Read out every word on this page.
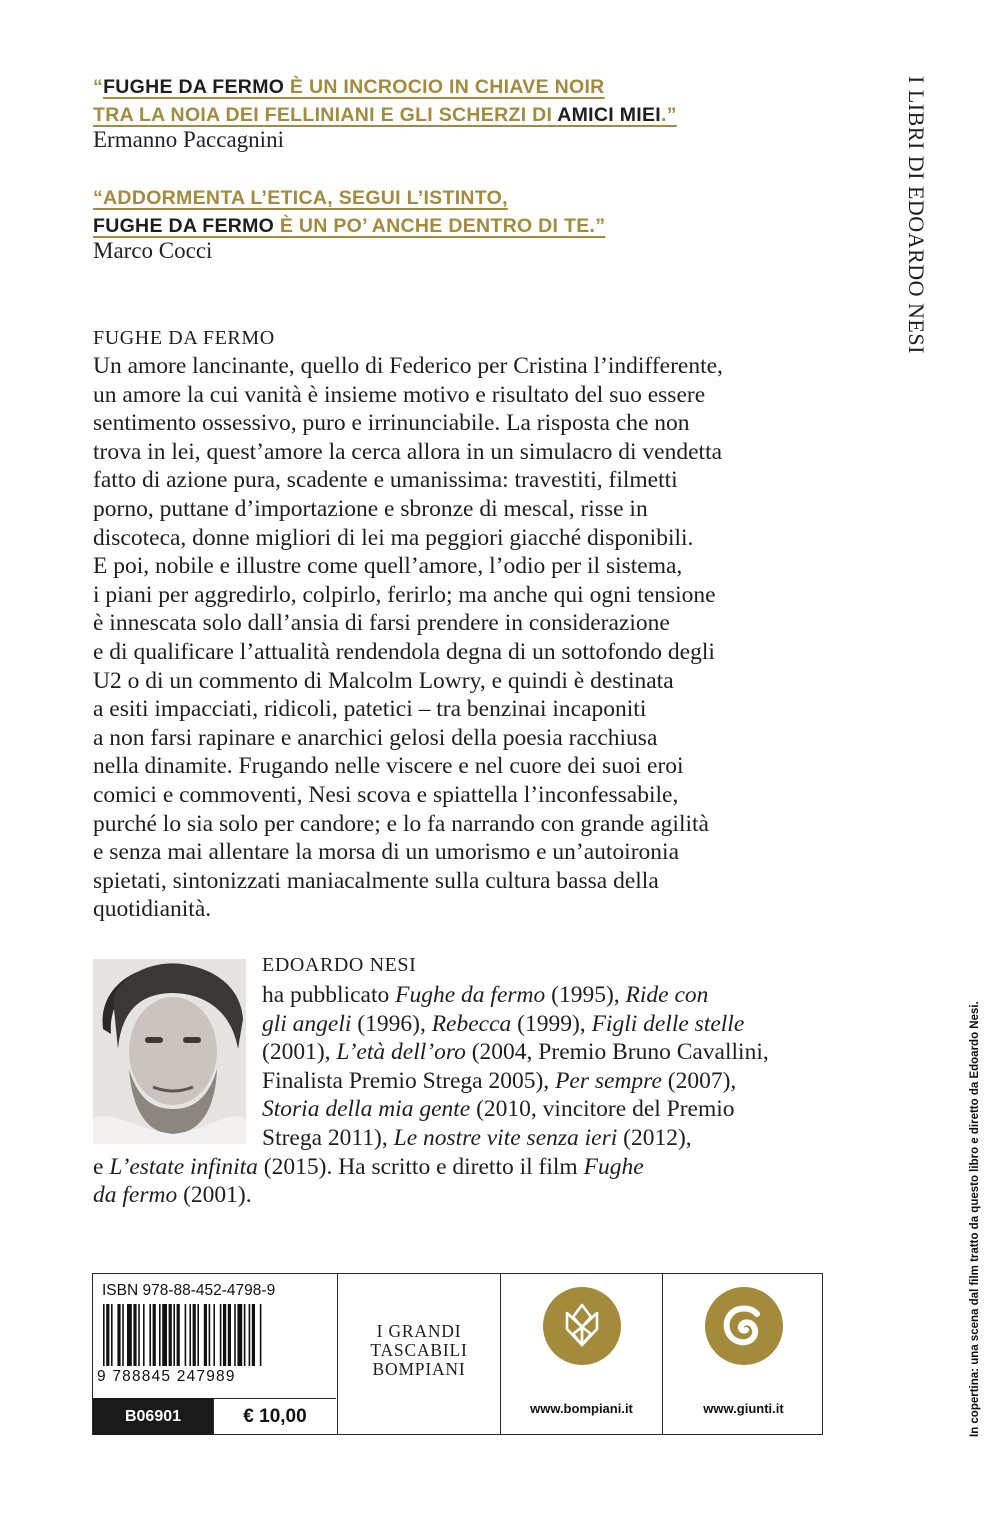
“FUGHE DA FERMO È UN INCROCIO IN CHIAVE NOIR
TRA LA NOIA DEI FELLINIANI E GLI SCHERZI DI AMICI MIEI.”
Ermanno Paccagnini
“ADDORMENTA L’ETICA, SEGUI L’ISTINTO,
FUGHE DA FERMO È UN PO’ ANCHE DENTRO DI TE.”
Marco Cocci	I LIBRI DI EDOARDO NESI
FUGHE DA FERMO
Un amore lancinante, quello di Federico per Cristina l’indifferente,
un amore la cui vanità è insieme motivo e risultato del suo essere
sentimento ossessivo, puro e irrinunciabile. La risposta che non
trova in lei, quest’amore la cerca allora in un simulacro di vendetta
fatto di azione pura, scadente e umanissima: travestiti, filmetti
porno, puttane d’importazione e sbronze di mescal, risse in
discoteca, donne migliori di lei ma peggiori giacché disponibili.
E poi, nobile e illustre come quell’amore, l’odio per il sistema,
i piani per aggredirlo, colpirlo, ferirlo; ma anche qui ogni tensione
è innescata solo dall’ansia di farsi prendere in considerazione
e di qualificare l’attualità rendendola degna di un sottofondo degli
U2 o di un commento di Malcolm Lowry, e quindi è destinata
a esiti impacciati, ridicoli, patetici – tra benzinai incaponiti
a non farsi rapinare e anarchici gelosi della poesia racchiusa
nella dinamite. Frugando nelle viscere e nel cuore dei suoi eroi
comici e commoventi, Nesi scova e spiattella l’inconfessabile,
purché lo sia solo per candore; e lo fa narrando con grande agilità
e senza mai allentare la morsa di un umorismo e un’autoironia
spietati, sintonizzati maniacalmente sulla cultura bassa della
quotidianità.
EDOARDO NESI
ha pubblicato Fughe da fermo (1995), Ride con
gli angeli (1996), Rebecca (1999), Figli delle stelle
(2001), L’età dell’oro (2004, Premio Bruno Cavallini,
Finalista Premio Strega 2005), Per sempre (2007),
Storia della mia gente (2010, vincitore del Premio
Strega 2011), Le nostre vite senza ieri (2012),
e L’estate infinita (2015). Ha scritto e diretto il film Fughe
da fermo (2001).
ISBN 978-88-452-4798-9
9 788845 247989
B06901	€ 10,00
I GRANDI
TASCABILI
BOMPIANI
www.bompiani.it	www.giunti.it	In copertina: una scena dal film tratto da questo libro e diretto da Edoardo Nesi.
